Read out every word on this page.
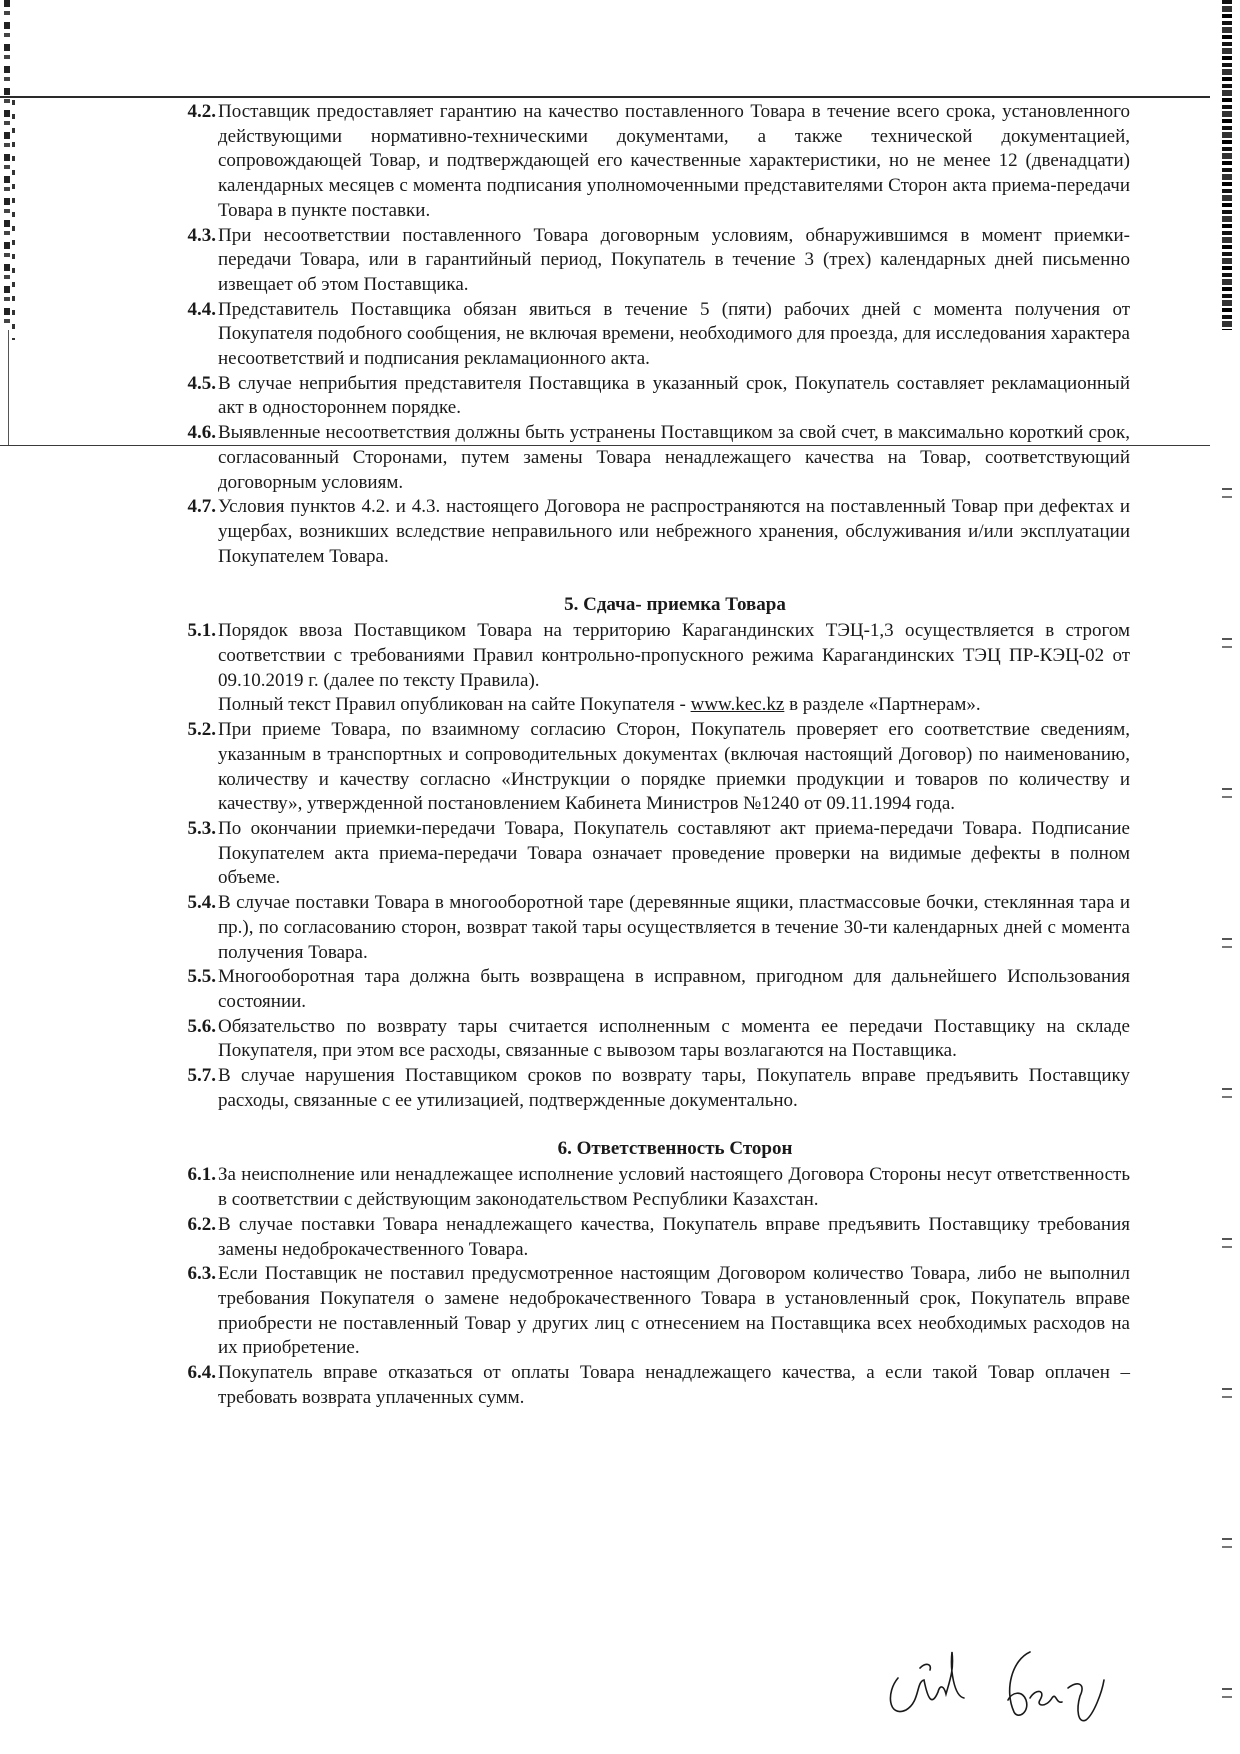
4.2. Поставщик предоставляет гарантию на качество поставленного Товара в течение всего срока, установленного действующими нормативно-техническими документами, а также технической документацией, сопровождающей Товар, и подтверждающей его качественные характеристики, но не менее 12 (двенадцати) календарных месяцев с момента подписания уполномоченными представителями Сторон акта приема-передачи Товара в пункте поставки.

4.3. При несоответствии поставленного Товара договорным условиям, обнаружившимся в момент приемки-передачи Товара, или в гарантийный период, Покупатель в течение 3 (трех) календарных дней письменно извещает об этом Поставщика.

4.4. Представитель Поставщика обязан явиться в течение 5 (пяти) рабочих дней с момента получения от Покупателя подобного сообщения, не включая времени, необходимого для проезда, для исследования характера несоответствий и подписания рекламационного акта.

4.5. В случае неприбытия представителя Поставщика в указанный срок, Покупатель составляет рекламационный акт в одностороннем порядке.

4.6. Выявленные несоответствия должны быть устранены Поставщиком за свой счет, в максимально короткий срок, согласованный Сторонами, путем замены Товара ненадлежащего качества на Товар, соответствующий договорным условиям.

4.7. Условия пунктов 4.2. и 4.3. настоящего Договора не распространяются на поставленный Товар при дефектах и ущербах, возникших вследствие неправильного или небрежного хранения, обслуживания и/или эксплуатации Покупателем Товара.

5. Сдача- приемка Товара
5.1. Порядок ввоза Поставщиком Товара на территорию Карагандинских ТЭЦ-1,3 осуществляется в строгом соответствии с требованиями Правил контрольно-пропускного режима Карагандинских ТЭЦ ПР-КЭЦ-02 от 09.10.2019 г. (далее по тексту Правила).

Полный текст Правил опубликован на сайте Покупателя - www.kec.kz в разделе «Партнерам».

5.2. При приеме Товара, по взаимному согласию Сторон, Покупатель проверяет его соответствие сведениям, указанным в транспортных и сопроводительных документах (включая настоящий Договор) по наименованию, количеству и качеству согласно «Инструкции о порядке приемки продукции и товаров по количеству и качеству», утвержденной постановлением Кабинета Министров №1240 от 09.11.1994 года.

5.3. По окончании приемки-передачи Товара, Покупатель составляют акт приема-передачи Товара. Подписание Покупателем акта приема-передачи Товара означает проведение проверки на видимые дефекты в полном объеме.

5.4. В случае поставки Товара в многооборотной таре (деревянные ящики, пластмассовые бочки, стеклянная тара и пр.), по согласованию сторон, возврат такой тары осуществляется в течение 30-ти календарных дней с момента получения Товара.

5.5. Многооборотная тара должна быть возвращена в исправном, пригодном для дальнейшего Использования состоянии.

5.6. Обязательство по возврату тары считается исполненным с момента ее передачи Поставщику на складе Покупателя, при этом все расходы, связанные с вывозом тары возлагаются на Поставщика.

5.7. В случае нарушения Поставщиком сроков по возврату тары, Покупатель вправе предъявить Поставщику расходы, связанные с ее утилизацией, подтвержденные документально.

6. Ответственность Сторон
6.1. За неисполнение или ненадлежащее исполнение условий настоящего Договора Стороны несут ответственность в соответствии с действующим законодательством Республики Казахстан.

6.2. В случае поставки Товара ненадлежащего качества, Покупатель вправе предъявить Поставщику требования замены недоброкачественного Товара.

6.3. Если Поставщик не поставил предусмотренное настоящим Договором количество Товара, либо не выполнил требования Покупателя о замене недоброкачественного Товара в установленный срок, Покупатель вправе приобрести не поставленный Товар у других лиц с отнесением на Поставщика всех необходимых расходов на их приобретение.

6.4. Покупатель вправе отказаться от оплаты Товара ненадлежащего качества, а если такой Товар оплачен – требовать возврата уплаченных сумм.
